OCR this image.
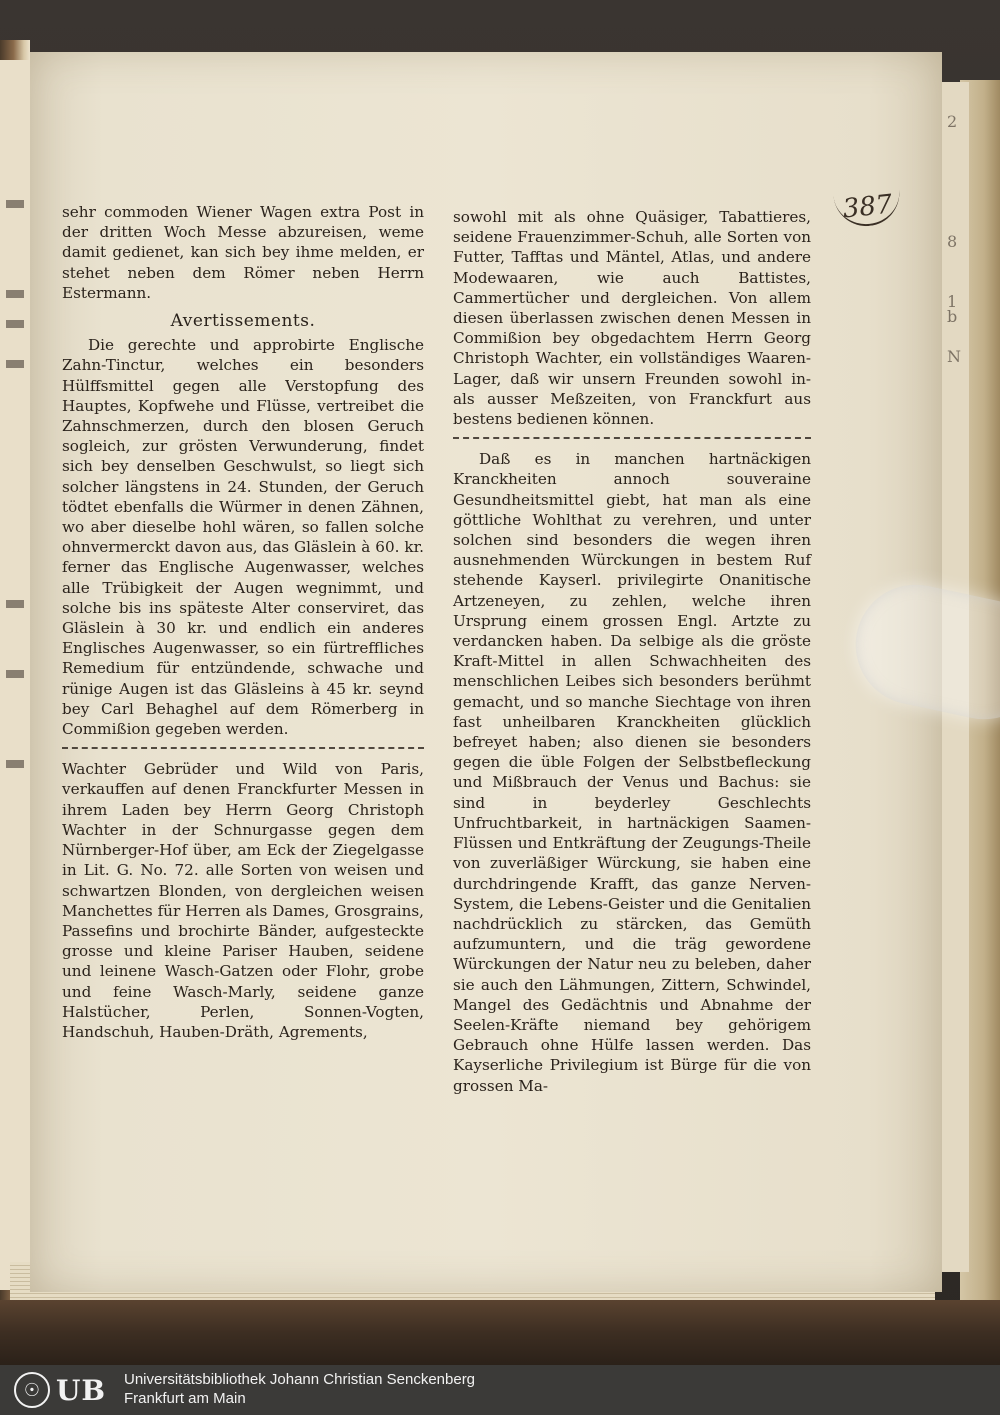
2
8
1
b
N
387

sehr commoden Wiener Wagen extra Post in der dritten Woch Messe abzureisen, weme damit gedienet, kan sich bey ihme melden, er stehet neben dem Römer neben Herrn Estermann.

Avertissements.

Die gerechte und approbirte Englische Zahn-Tinctur, welches ein besonders Hülffsmittel gegen alle Verstopfung des Hauptes, Kopfwehe und Flüsse, vertreibet die Zahnschmerzen, durch den blosen Geruch sogleich, zur grösten Verwunderung, findet sich bey denselben Geschwulst, so liegt sich solcher längstens in 24. Stunden, der Geruch tödtet ebenfalls die Würmer in denen Zähnen, wo aber dieselbe hohl wären, so fallen solche ohnvermerckt davon aus, das Gläslein à 60. kr. ferner das Englische Augenwasser, welches alle Trübigkeit der Augen wegnimmt, und solche bis ins späteste Alter conserviret, das Gläslein à 30 kr. und endlich ein anderes Englisches Augenwasser, so ein fürtreffliches Remedium für entzündende, schwache und rünige Augen ist das Gläsleins à 45 kr. seynd bey Carl Behaghel auf dem Römerberg in Commißion gegeben werden.

Wachter Gebrüder und Wild von Paris, verkauffen auf denen Franckfurter Messen in ihrem Laden bey Herrn Georg Christoph Wachter in der Schnurgasse gegen dem Nürnberger-Hof über, am Eck der Ziegelgasse in Lit. G. No. 72. alle Sorten von weisen und schwartzen Blonden, von dergleichen weisen Manchettes für Herren als Dames, Grosgrains, Passefins und brochirte Bänder, aufgesteckte grosse und kleine Pariser Hauben, seidene und leinene Wasch-Gatzen oder Flohr, grobe und feine Wasch-Marly, seidene ganze Halstücher, Perlen, Sonnen-Vogten, Handschuh, Hauben-Dräth, Agrements,

sowohl mit als ohne Quäsiger, Tabattieres, seidene Frauenzimmer-Schuh, alle Sorten von Futter, Tafftas und Mäntel, Atlas, und andere Modewaaren, wie auch Battistes, Cammertücher und dergleichen. Von allem diesen überlassen zwischen denen Messen in Commißion bey obgedachtem Herrn Georg Christoph Wachter, ein vollständiges Waaren-Lager, daß wir unsern Freunden sowohl in- als ausser Meßzeiten, von Franckfurt aus bestens bedienen können.

Daß es in manchen hartnäckigen Kranckheiten annoch souveraine Gesundheitsmittel giebt, hat man als eine göttliche Wohlthat zu verehren, und unter solchen sind besonders die wegen ihren ausnehmenden Würckungen in bestem Ruf stehende Kayserl. privilegirte Onanitische Artzeneyen, zu zehlen, welche ihren Ursprung einem grossen Engl. Artzte zu verdancken haben. Da selbige als die gröste Kraft-Mittel in allen Schwachheiten des menschlichen Leibes sich besonders berühmt gemacht, und so manche Siechtage von ihren fast unheilbaren Kranckheiten glücklich befreyet haben; also dienen sie besonders gegen die üble Folgen der Selbstbefleckung und Mißbrauch der Venus und Bachus: sie sind in beyderley Geschlechts Unfruchtbarkeit, in hartnäckigen Saamen-Flüssen und Entkräftung der Zeugungs-Theile von zuverläßiger Würckung, sie haben eine durchdringende Krafft, das ganze Nerven-System, die Lebens-Geister und die Genitalien nachdrücklich zu stärcken, das Gemüth aufzumuntern, und die träg gewordene Würckungen der Natur neu zu beleben, daher sie auch den Lähmungen, Zittern, Schwindel, Mangel des Gedächtnis und Abnahme der Seelen-Kräfte niemand bey gehörigem Gebrauch ohne Hülfe lassen werden. Das Kayserliche Privilegium ist Bürge für die von grossen Ma-

☉ UB Universitätsbibliothek Johann Christian Senckenberg
Frankfurt am Main
